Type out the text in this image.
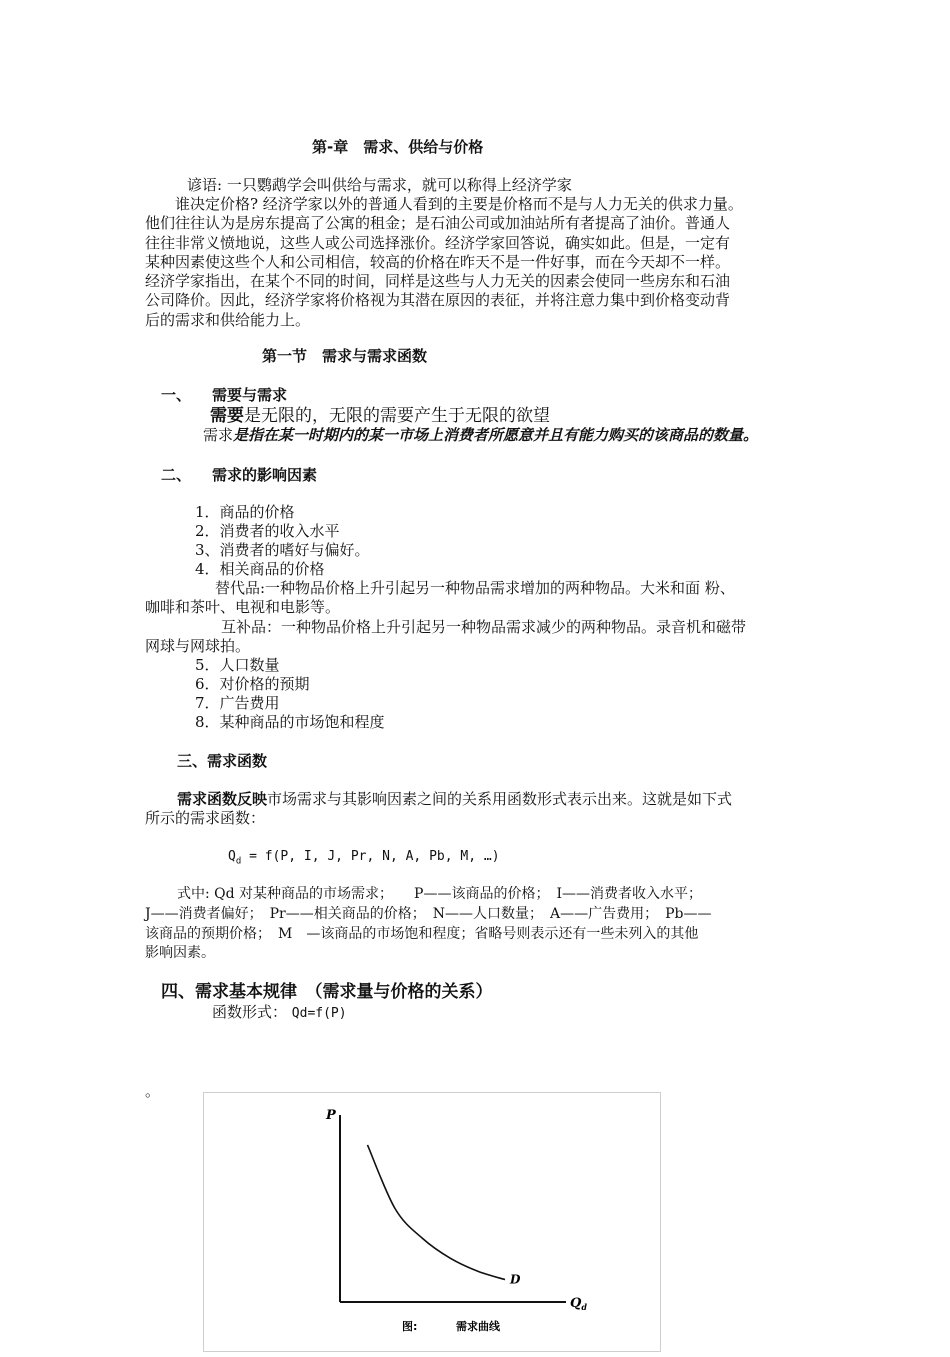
第-章　需求、供给与价格
谚语: 一只鹦鹉学会叫供给与需求，就可以称得上经济学家
　　谁决定价格? 经济学家以外的普通人看到的主要是价格而不是与人力无关的供求力量。
他们往往认为是房东提高了公寓的租金；是石油公司或加油站所有者提高了油价。普通人
往往非常义愤地说，这些人或公司选择涨价。经济学家回答说，确实如此。但是，一定有
某种因素使这些个人和公司相信，较高的价格在昨天不是一件好事，而在今天却不一样。
经济学家指出，在某个不同的时间，同样是这些与人力无关的因素会使同一些房东和石油
公司降价。因此，经济学家将价格视为其潜在原因的表征，并将注意力集中到价格变动背
后的需求和供给能力上。
第一节　需求与需求函数
一、 需要与需求
需要是无限的，无限的需要产生于无限的欲望
需求是指在某一时期内的某一市场上消费者所愿意并且有能力购买的该商品的数量。
二、 需求的影响因素
1．商品的价格
2．消费者的收入水平
3、消费者的嗜好与偏好。
4．相关商品的价格
替代品:一种物品价格上升引起另一种物品需求增加的两种物品。大米和面 粉、
咖啡和茶叶、电视和电影等。
互补品：一种物品价格上升引起另一种物品需求减少的两种物品。录音机和磁带
网球与网球拍。
5．人口数量
6．对价格的预期
7．广告费用
8．某种商品的市场饱和程度
三、需求函数
需求函数反映市场需求与其影响因素之间的关系用函数形式表示出来。这就是如下式
所示的需求函数：
$Q_d = f(P$, I, J, Pr, N, A, Pb, M, …)
式中: Qd 对某种商品的市场需求；　　P——该商品的价格；　I——消费者收入水平；
J——消费者偏好；　Pr——相关商品的价格；　N——人口数量；　A——广告费用；　Pb——
该商品的预期价格；　M　—该商品的市场饱和程度；省略号则表示还有一些未列入的其他
影响因素。
四、需求基本规律　（需求量与价格的关系）
函数形式： Qd=f(P)
。
P
$Q_d$
D
图:	需求曲线
